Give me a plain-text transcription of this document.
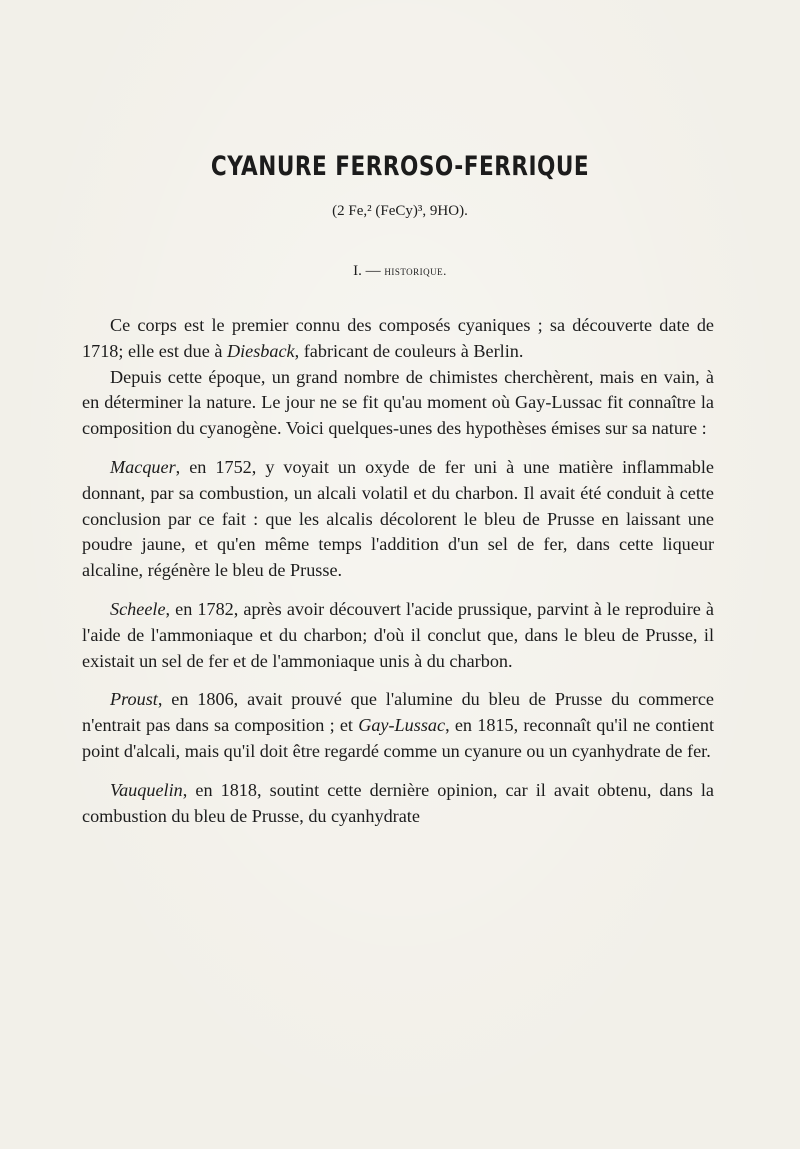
CYANURE FERROSO-FERRIQUE
(2 Fe,² (FeCy)³, 9HO).
I. — historique.

Ce corps est le premier connu des composés cyaniques ; sa découverte date de 1718; elle est due à Diesback, fabricant de couleurs à Berlin.

Depuis cette époque, un grand nombre de chimistes cherchèrent, mais en vain, à en déterminer la nature. Le jour ne se fit qu'au moment où Gay-Lussac fit connaître la composition du cyanogène. Voici quelques-unes des hypothèses émises sur sa nature :

Macquer, en 1752, y voyait un oxyde de fer uni à une matière inflammable donnant, par sa combustion, un alcali volatil et du charbon. Il avait été conduit à cette conclusion par ce fait : que les alcalis décolorent le bleu de Prusse en laissant une poudre jaune, et qu'en même temps l'addition d'un sel de fer, dans cette liqueur alcaline, régénère le bleu de Prusse.

Scheele, en 1782, après avoir découvert l'acide prussique, parvint à le reproduire à l'aide de l'ammoniaque et du charbon; d'où il conclut que, dans le bleu de Prusse, il existait un sel de fer et de l'ammoniaque unis à du charbon.

Proust, en 1806, avait prouvé que l'alumine du bleu de Prusse du commerce n'entrait pas dans sa composition ; et Gay-Lussac, en 1815, reconnaît qu'il ne contient point d'alcali, mais qu'il doit être regardé comme un cyanure ou un cyanhydrate de fer.

Vauquelin, en 1818, soutint cette dernière opinion, car il avait obtenu, dans la combustion du bleu de Prusse, du cyanhydrate
